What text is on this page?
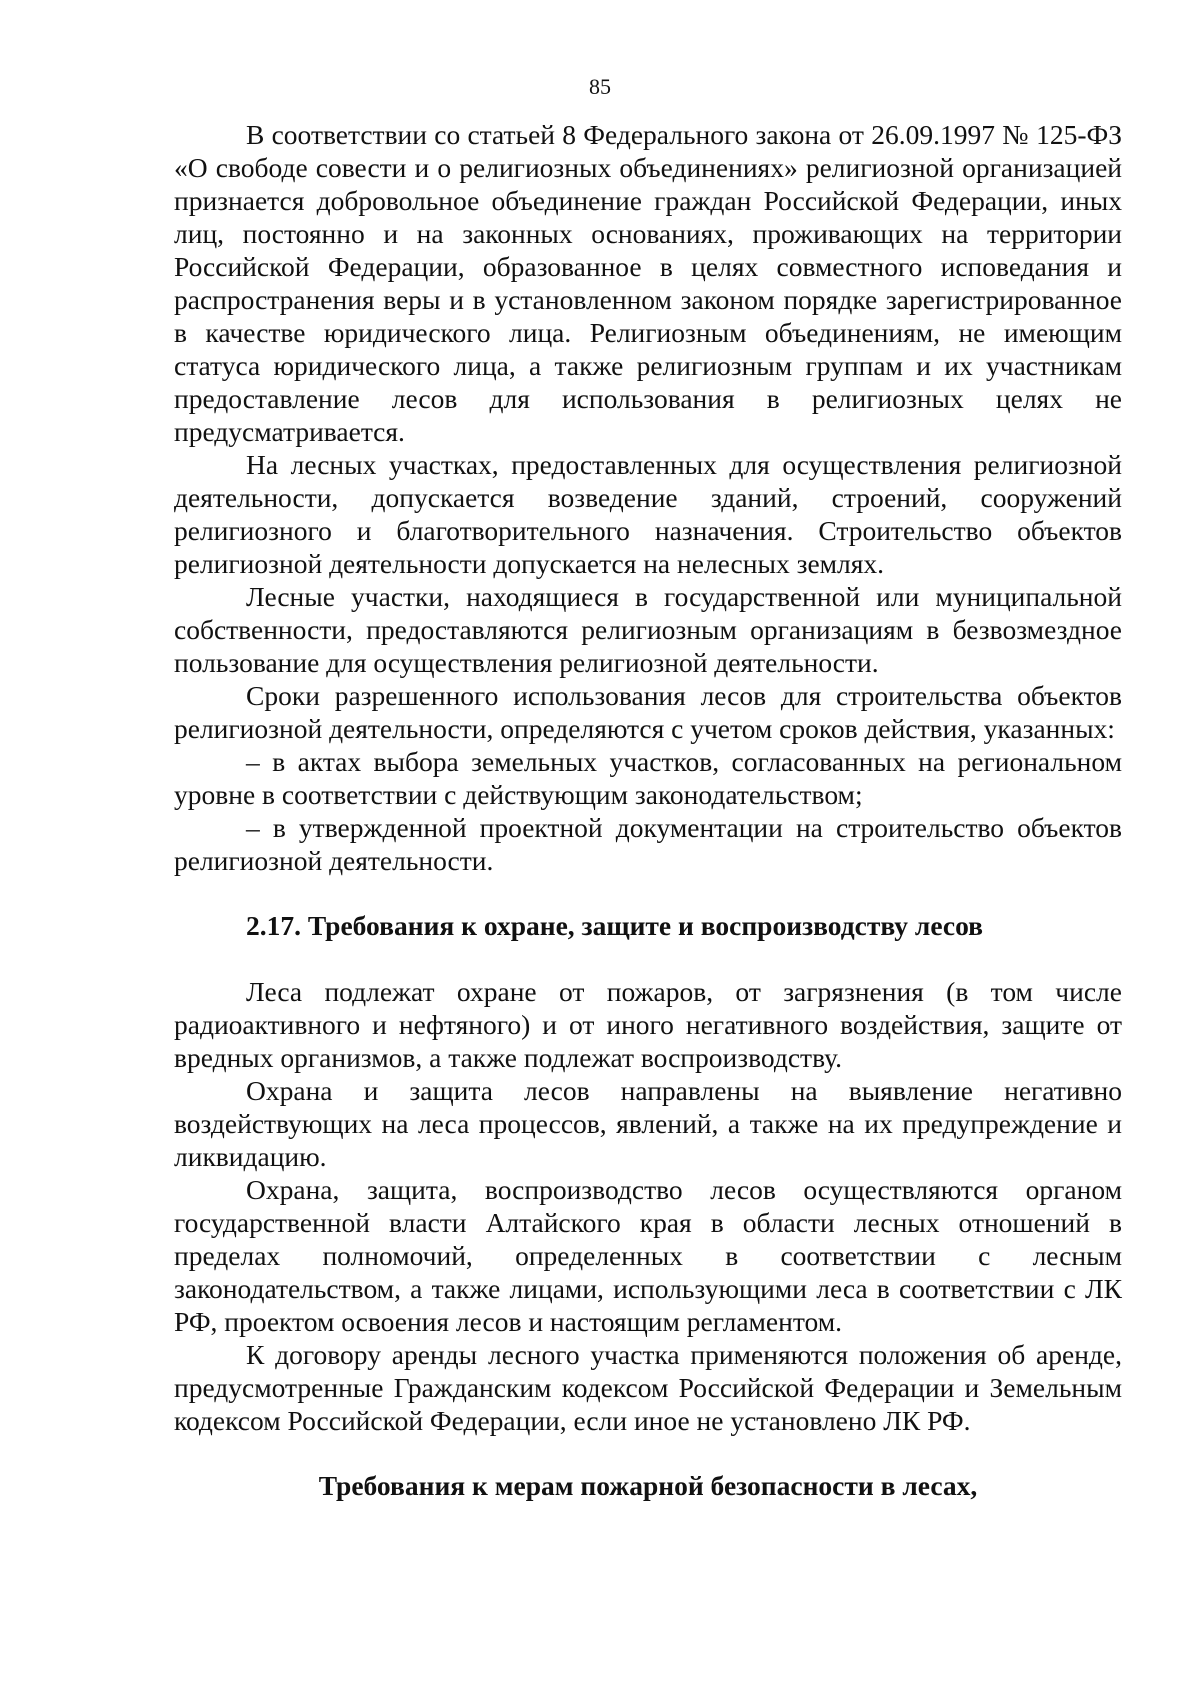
85

В соответствии со статьей 8 Федерального закона от 26.09.1997 № 125-ФЗ «О свободе совести и о религиозных объединениях» религиозной организацией признается добровольное объединение граждан Российской Федерации, иных лиц, постоянно и на законных основаниях, проживающих на территории Российской Федерации, образованное в целях совместного исповедания и распространения веры и в установленном законом порядке зарегистрированное в качестве юридического лица. Религиозным объединениям, не имеющим статуса юридического лица, а также религиозным группам и их участникам предоставление лесов для использования в религиозных целях не предусматривается.

На лесных участках, предоставленных для осуществления религиозной деятельности, допускается возведение зданий, строений, сооружений религиозного и благотворительного назначения. Строительство объектов религиозной деятельности допускается на нелесных землях.

Лесные участки, находящиеся в государственной или муниципальной собственности, предоставляются религиозным организациям в безвозмездное пользование для осуществления религиозной деятельности.

Сроки разрешенного использования лесов для строительства объектов религиозной деятельности, определяются с учетом сроков действия, указанных:

– в актах выбора земельных участков, согласованных на региональном уровне в соответствии с действующим законодательством;

– в утвержденной проектной документации на строительство объектов религиозной деятельности.

2.17. Требования к охране, защите и воспроизводству лесов

Леса подлежат охране от пожаров, от загрязнения (в том числе радиоактивного и нефтяного) и от иного негативного воздействия, защите от вредных организмов, а также подлежат воспроизводству.

Охрана и защита лесов направлены на выявление негативно воздействующих на леса процессов, явлений, а также на их предупреждение и ликвидацию.

Охрана, защита, воспроизводство лесов осуществляются органом государственной власти Алтайского края в области лесных отношений в пределах полномочий, определенных в соответствии с лесным законодательством, а также лицами, использующими леса в соответствии с ЛК РФ, проектом освоения лесов и настоящим регламентом.

К договору аренды лесного участка применяются положения об аренде, предусмотренные Гражданским кодексом Российской Федерации и Земельным кодексом Российской Федерации, если иное не установлено ЛК РФ.

Требования к мерам пожарной безопасности в лесах,
